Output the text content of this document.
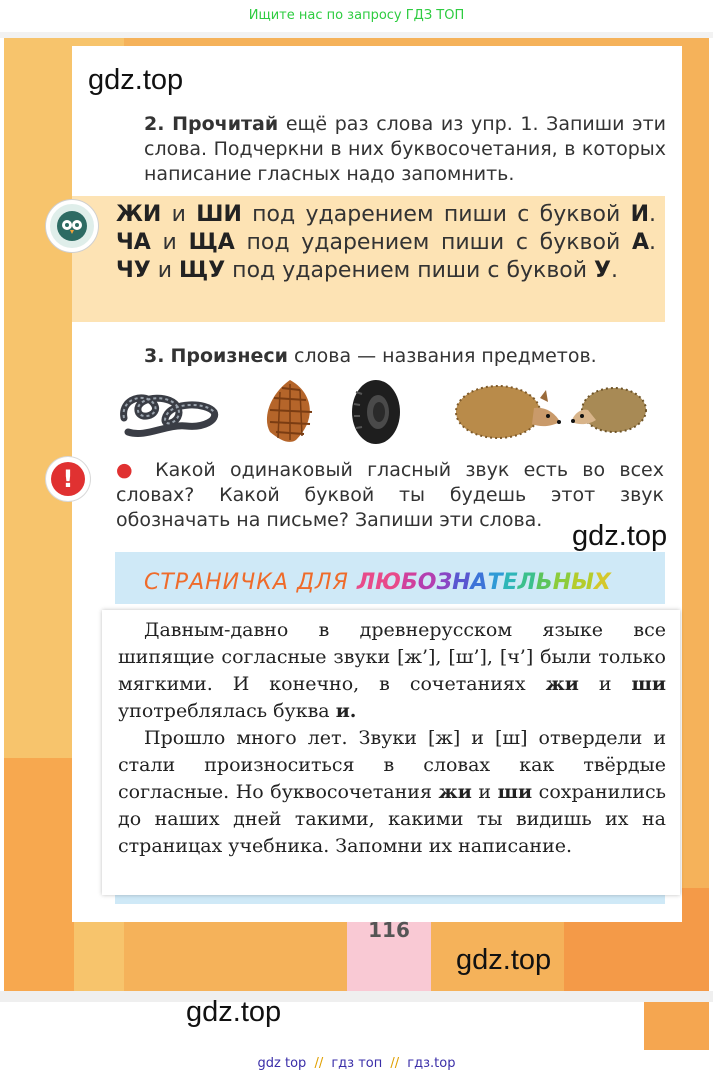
Ищите нас по запросу ГДЗ ТОП
gdz.top
2. Прочитай ещё раз слова из упр. 1. Запиши эти слова. Подчеркни в них буквосочетания, в которых написание гласных надо запомнить.
ЖИ и ШИ под ударением пиши с буквой И. ЧА и ЩА под ударением пиши с буквой А. ЧУ и ЩУ под ударением пиши с буквой У.
3. Произнеси слова — названия предметов.
!	● Какой одинаковый гласный звук есть во всех словах? Какой буквой ты будешь этот звук обозначать на письме? Запиши эти слова.	gdz.top
СТРАНИЧКА ДЛЯ ЛЮБОЗНАТЕЛЬНЫХ

Давным-давно в древнерусском языке все шипящие согласные звуки [ж’], [ш’], [ч’] были только мягкими. И конечно, в сочетаниях жи и ши употреблялась буква и.

Прошло много лет. Звуки [ж] и [ш] отвердели и стали произноситься в словах как твёрдые согласные. Но буквосочетания жи и ши сохранились до наших дней такими, какими ты видишь их на страницах учебника. Запомни их написание.

116
gdz.top
gdz.top
gdz top // гдз топ // гдз.top
